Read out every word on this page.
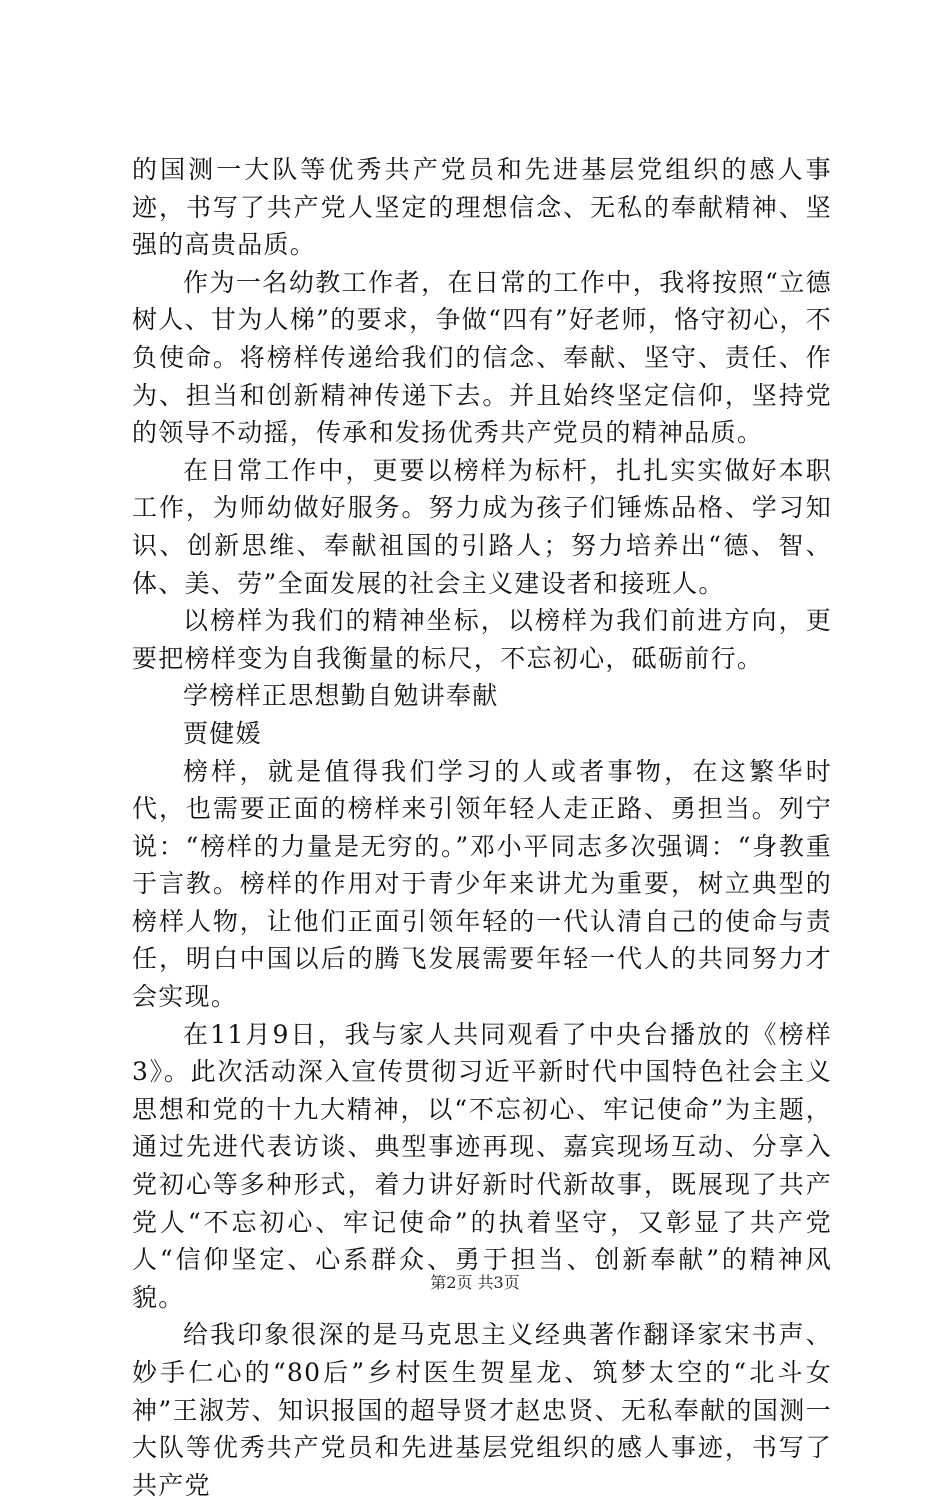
的国测一大队等优秀共产党员和先进基层党组织的感人事迹，书写了共产党人坚定的理想信念、无私的奉献精神、坚强的高贵品质。

作为一名幼教工作者，在日常的工作中，我将按照“立德树人、甘为人梯”的要求，争做“四有”好老师，恪守初心，不负使命。将榜样传递给我们的信念、奉献、坚守、责任、作为、担当和创新精神传递下去。并且始终坚定信仰，坚持党的领导不动摇，传承和发扬优秀共产党员的精神品质。

在日常工作中，更要以榜样为标杆，扎扎实实做好本职工作，为师幼做好服务。努力成为孩子们锤炼品格、学习知识、创新思维、奉献祖国的引路人；努力培养出“德、智、体、美、劳”全面发展的社会主义建设者和接班人。

以榜样为我们的精神坐标，以榜样为我们前进方向，更要把榜样变为自我衡量的标尺，不忘初心，砥砺前行。

学榜样正思想勤自勉讲奉献

贾健媛

榜样，就是值得我们学习的人或者事物，在这繁华时代，也需要正面的榜样来引领年轻人走正路、勇担当。列宁说：“榜样的力量是无穷的。”邓小平同志多次强调：“身教重于言教。榜样的作用对于青少年来讲尤为重要，树立典型的榜样人物，让他们正面引领年轻的一代认清自己的使命与责任，明白中国以后的腾飞发展需要年轻一代人的共同努力才会实现。

在11月9日，我与家人共同观看了中央台播放的《榜样3》。此次活动深入宣传贯彻习近平新时代中国特色社会主义思想和党的十九大精神，以“不忘初心、牢记使命”为主题，通过先进代表访谈、典型事迹再现、嘉宾现场互动、分享入党初心等多种形式，着力讲好新时代新故事，既展现了共产党人“不忘初心、牢记使命”的执着坚守，又彰显了共产党人“信仰坚定、心系群众、勇于担当、创新奉献”的精神风貌。

给我印象很深的是马克思主义经典著作翻译家宋书声、妙手仁心的“80后”乡村医生贺星龙、筑梦太空的“北斗女神”王淑芳、知识报国的超导贤才赵忠贤、无私奉献的国测一大队等优秀共产党员和先进基层党组织的感人事迹，书写了共产党

第2页 共3页
